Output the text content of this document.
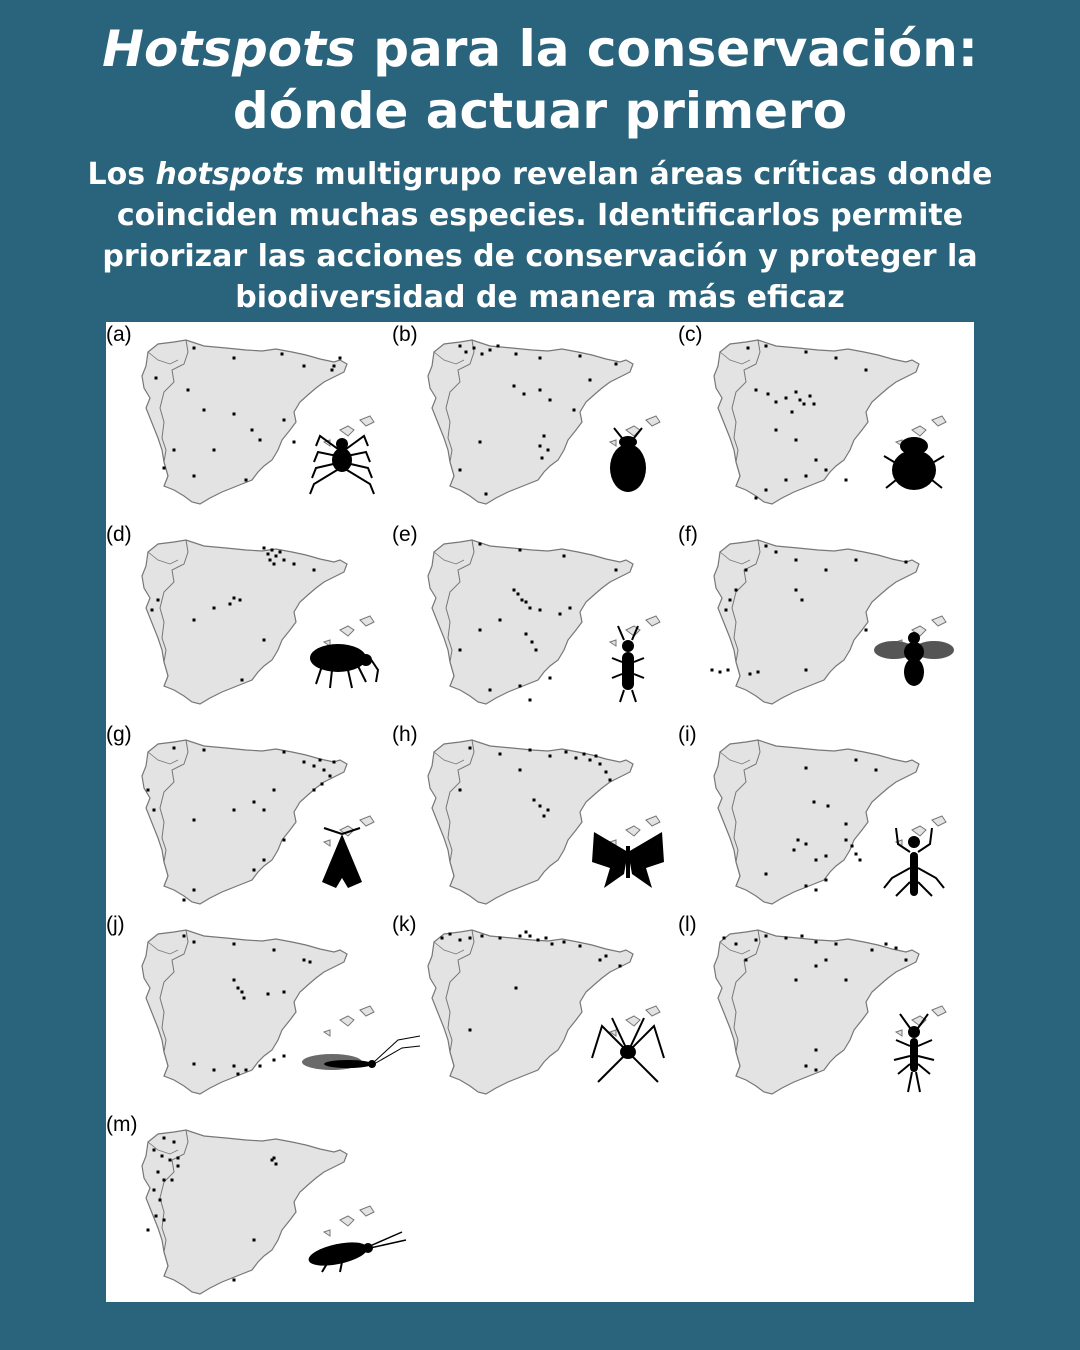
Hotspots para la conservación:
dónde actuar primero
Los hotspots multigrupo revelan áreas críticas donde coinciden muchas especies. Identificarlos permite priorizar las acciones de conservación y proteger la biodiversidad de manera más eficaz
(a)	(b)	(c)
(d)	(e)	(f)
(g)	(h)	(i)
(j)	(k)	(l)
(m)
